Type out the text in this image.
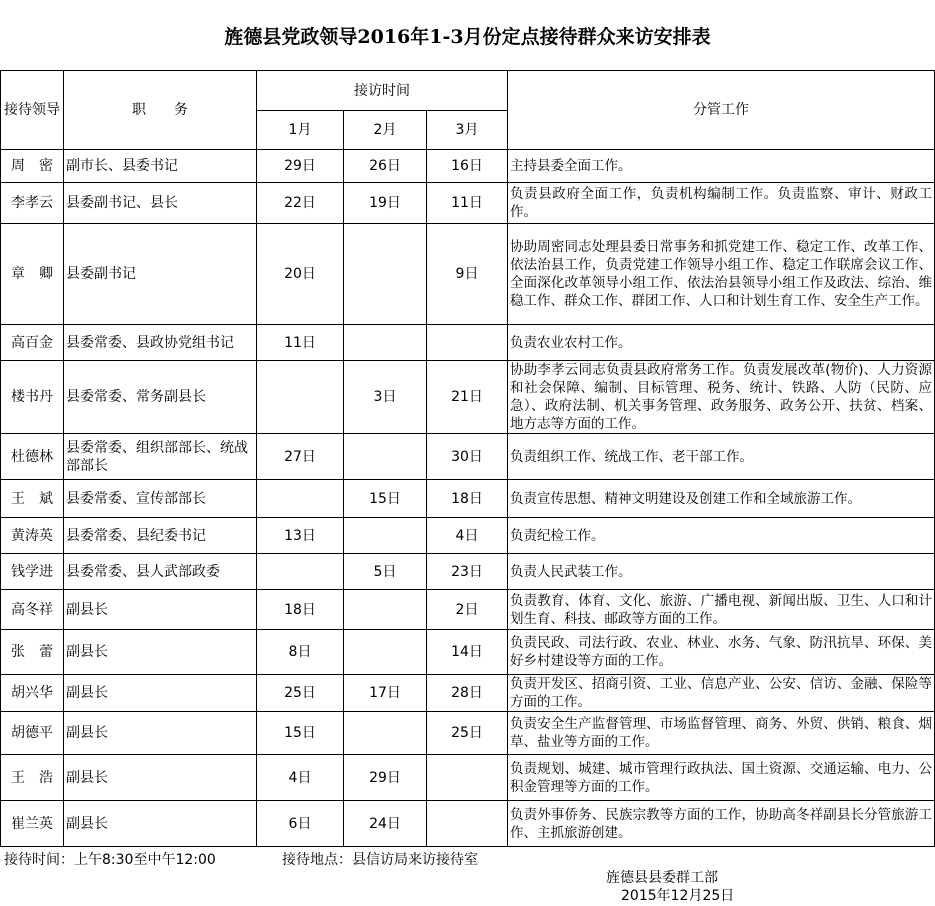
旌德县党政领导2016年1-3月份定点接待群众来访安排表
接待领导	职　　务	接访时间			分管工作
		1月	2月	3月	
周　密	副市长、县委书记	29日	26日	16日	主持县委全面工作。
李孝云	县委副书记、县长	22日	19日	11日	负责县政府全面工作，负责机构编制工作。负责监察、审计、财政工作。
章　卿	县委副书记	20日		9日	协助周密同志处理县委日常事务和抓党建工作、稳定工作、改革工作、依法治县工作，负责党建工作领导小组工作、稳定工作联席会议工作、全面深化改革领导小组工作、依法治县领导小组工作及政法、综治、维稳工作、群众工作、群团工作、人口和计划生育工作、安全生产工作。
高百金	县委常委、县政协党组书记	11日			负责农业农村工作。
楼书丹	县委常委、常务副县长		3日	21日	协助李孝云同志负责县政府常务工作。负责发展改革(物价)、人力资源和社会保障、编制、目标管理、税务、统计、铁路、人防（民防、应急）、政府法制、机关事务管理、政务服务、政务公开、扶贫、档案、地方志等方面的工作。
杜德林	县委常委、组织部部长、统战部部长	27日		30日	负责组织工作、统战工作、老干部工作。
王　斌	县委常委、宣传部部长		15日	18日	负责宣传思想、精神文明建设及创建工作和全域旅游工作。
黄涛英	县委常委、县纪委书记	13日		4日	负责纪检工作。
钱学进	县委常委、县人武部政委		5日	23日	负责人民武装工作。
高冬祥	副县长	18日		2日	负责教育、体育、文化、旅游、广播电视、新闻出版、卫生、人口和计划生育、科技、邮政等方面的工作。
张　蕾	副县长	8日		14日	负责民政、司法行政、农业、林业、水务、气象、防汛抗旱、环保、美好乡村建设等方面的工作。
胡兴华	副县长	25日	17日	28日	负责开发区、招商引资、工业、信息产业、公安、信访、金融、保险等方面的工作。
胡德平	副县长	15日		25日	负责安全生产监督管理、市场监督管理、商务、外贸、供销、粮食、烟草、盐业等方面的工作。
王　浩	副县长	4日	29日		负责规划、城建、城市管理行政执法、国土资源、交通运输、电力、公积金管理等方面的工作。
崔兰英	副县长	6日	24日		负责外事侨务、民族宗教等方面的工作，协助高冬祥副县长分管旅游工作、主抓旅游创建。
接待时间：上午8:30至中午12:00	接待地点：县信访局来访接待室
旌德县县委群工部
2015年12月25日
